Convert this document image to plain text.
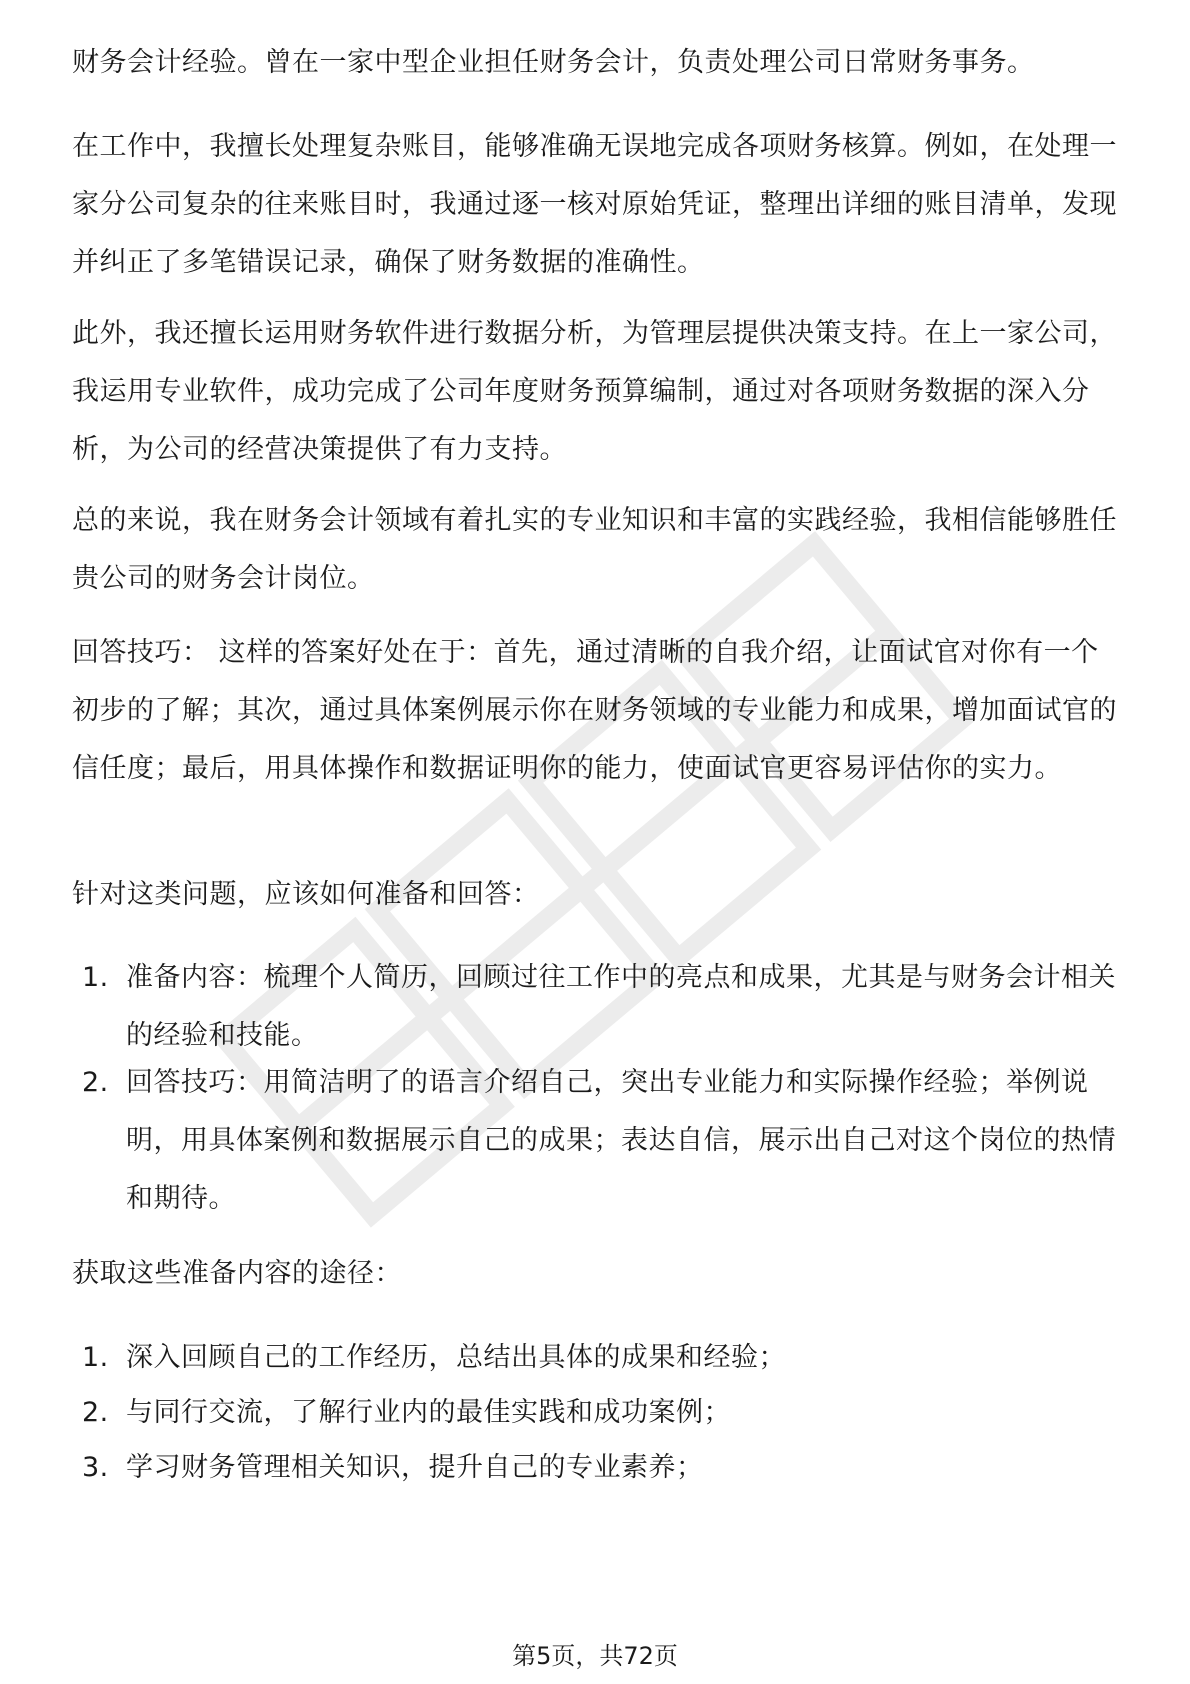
财务会计经验。曾在一家中型企业担任财务会计，负责处理公司日常财务事务。

在工作中，我擅长处理复杂账目，能够准确无误地完成各项财务核算。例如，在处理一家分公司复杂的往来账目时，我通过逐一核对原始凭证，整理出详细的账目清单，发现并纠正了多笔错误记录，确保了财务数据的准确性。

此外，我还擅长运用财务软件进行数据分析，为管理层提供决策支持。在上一家公司，我运用专业软件，成功完成了公司年度财务预算编制，通过对各项财务数据的深入分析，为公司的经营决策提供了有力支持。

总的来说，我在财务会计领域有着扎实的专业知识和丰富的实践经验，我相信能够胜任贵公司的财务会计岗位。

回答技巧： 这样的答案好处在于：首先，通过清晰的自我介绍，让面试官对你有一个初步的了解；其次，通过具体案例展示你在财务领域的专业能力和成果，增加面试官的信任度；最后，用具体操作和数据证明你的能力，使面试官更容易评估你的实力。

针对这类问题，应该如何准备和回答：

1. 准备内容：梳理个人简历，回顾过往工作中的亮点和成果，尤其是与财务会计相关的经验和技能。
2. 回答技巧：用简洁明了的语言介绍自己，突出专业能力和实际操作经验；举例说明，用具体案例和数据展示自己的成果；表达自信，展示出自己对这个岗位的热情和期待。

获取这些准备内容的途径：

1. 深入回顾自己的工作经历，总结出具体的成果和经验；
2. 与同行交流，了解行业内的最佳实践和成功案例；
3. 学习财务管理相关知识，提升自己的专业素养；
第5页，共72页
